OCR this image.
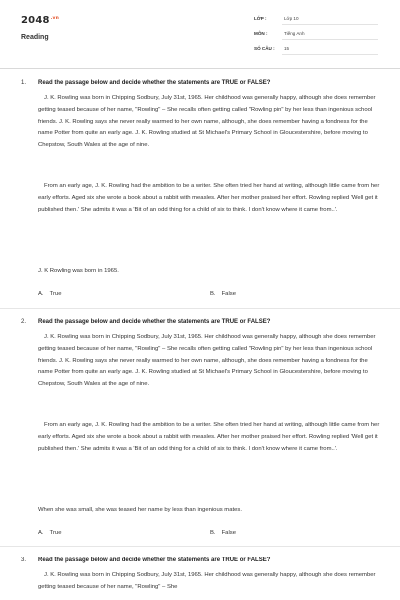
$2048^{.vn}$
Reading
LỚP :	Lớp 10
MÔN :	Tiếng Anh
SỐ CÂU : 15
1. Read the passage below and decide whether the statements are TRUE or FALSE?

J. K. Rowling was born in Chipping Sodbury, July 31st, 1965. Her childhood was generally happy, although she does remember getting teased because of her name, "Rowling" – She recalls often getting called "Rowling pin" by her less than ingenious school friends. J. K. Rowling says she never really warmed to her own name, although, she does remember having a fondness for the name Potter from quite an early age. J. K. Rowling studied at St Michael's Primary School in Gloucestershire, before moving to Chepstow, South Wales at the age of nine.

From an early age, J. K. Rowling had the ambition to be a writer. She often tried her hand at writing, although little came from her early efforts. Aged six she wrote a book about a rabbit with measles. After her mother praised her effort. Rowling replied 'Well get it published then.' She admits it was a 'Bit of an odd thing for a child of six to think. I don't know where it came from..'.

J. K Rowling was born in 1965.
A. True	B. False
2. Read the passage below and decide whether the statements are TRUE or FALSE?

J. K. Rowling was born in Chipping Sodbury, July 31st, 1965. Her childhood was generally happy, although she does remember getting teased because of her name, "Rowling" – She recalls often getting called "Rowling pin" by her less than ingenious school friends. J. K. Rowling says she never really warmed to her own name, although, she does remember having a fondness for the name Potter from quite an early age. J. K. Rowling studied at St Michael's Primary School in Gloucestershire, before moving to Chepstow, South Wales at the age of nine.

From an early age, J. K. Rowling had the ambition to be a writer. She often tried her hand at writing, although little came from her early efforts. Aged six she wrote a book about a rabbit with measles. After her mother praised her effort. Rowling replied 'Well get it published then.' She admits it was a 'Bit of an odd thing for a child of six to think. I don't know where it came from..'.

When she was small, she was teased her name by less than ingenious mates.
A. True	B. False
3. Read the passage below and decide whether the statements are TRUE or FALSE?

J. K. Rowling was born in Chipping Sodbury, July 31st, 1965. Her childhood was generally happy, although she does remember getting teased because of her name, "Rowling" – She
